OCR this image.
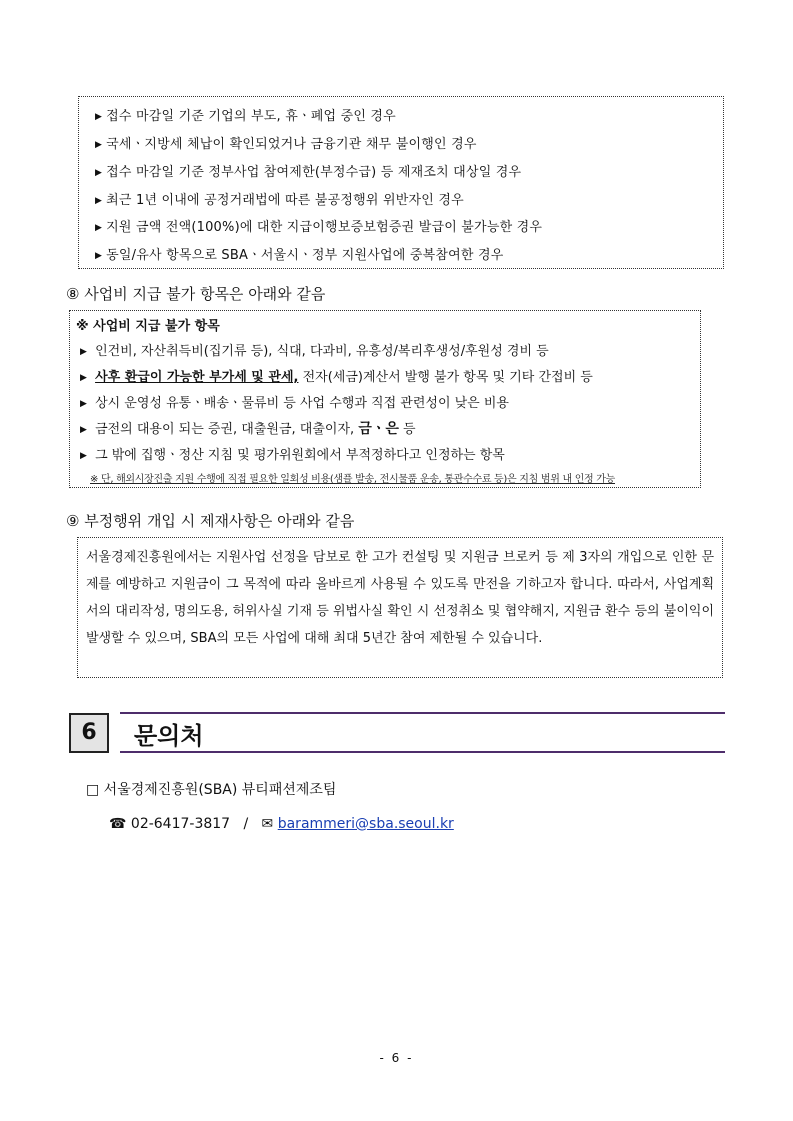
▶ 접수 마감일 기준 기업의 부도, 휴ㆍ폐업 중인 경우
▶ 국세ㆍ지방세 체납이 확인되었거나 금융기관 채무 불이행인 경우
▶ 접수 마감일 기준 정부사업 참여제한(부정수급) 등 제재조치 대상일 경우
▶ 최근 1년 이내에 공정거래법에 따른 불공정행위 위반자인 경우
▶ 지원 금액 전액(100%)에 대한 지급이행보증보험증권 발급이 불가능한 경우
▶ 동일/유사 항목으로 SBAㆍ서울시ㆍ정부 지원사업에 중복참여한 경우
⑧ 사업비 지급 불가 항목은 아래와 같음
※ 사업비 지급 불가 항목
▶ 인건비, 자산취득비(집기류 등), 식대, 다과비, 유흥성/복리후생성/후원성 경비 등
▶ 사후 환급이 가능한 부가세 및 관세, 전자(세금)계산서 발행 불가 항목 및 기타 간접비 등
▶ 상시 운영성 유통ㆍ배송ㆍ물류비 등 사업 수행과 직접 관련성이 낮은 비용
▶ 금전의 대용이 되는 증권, 대출원금, 대출이자, 금ㆍ은 등
▶ 그 밖에 집행ㆍ정산 지침 및 평가위원회에서 부적정하다고 인정하는 항목
※ 단, 해외시장진출 지원 수행에 직접 필요한 일회성 비용(샘플 발송, 전시물품 운송, 통관수수료 등)은 지침 범위 내 인정 가능
⑨ 부정행위 개입 시 제재사항은 아래와 같음
서울경제진흥원에서는 지원사업 선정을 담보로 한 고가 컨설팅 및 지원금 브로커 등 제 3자의 개입으로 인한 문제를 예방하고 지원금이 그 목적에 따라 올바르게 사용될 수 있도록 만전을 기하고자 합니다. 따라서, 사업계획서의 대리작성, 명의도용, 허위사실 기재 등 위법사실 확인 시 선정취소 및 협약해지, 지원금 환수 등의 불이익이 발생할 수 있으며, SBA의 모든 사업에 대해 최대 5년간 참여 제한될 수 있습니다.
6	문의처
□ 서울경제진흥원(SBA) 뷰티패션제조팀
☎ 02-6417-3817 / ✉ barammeri@sba.seoul.kr
- 6 -
